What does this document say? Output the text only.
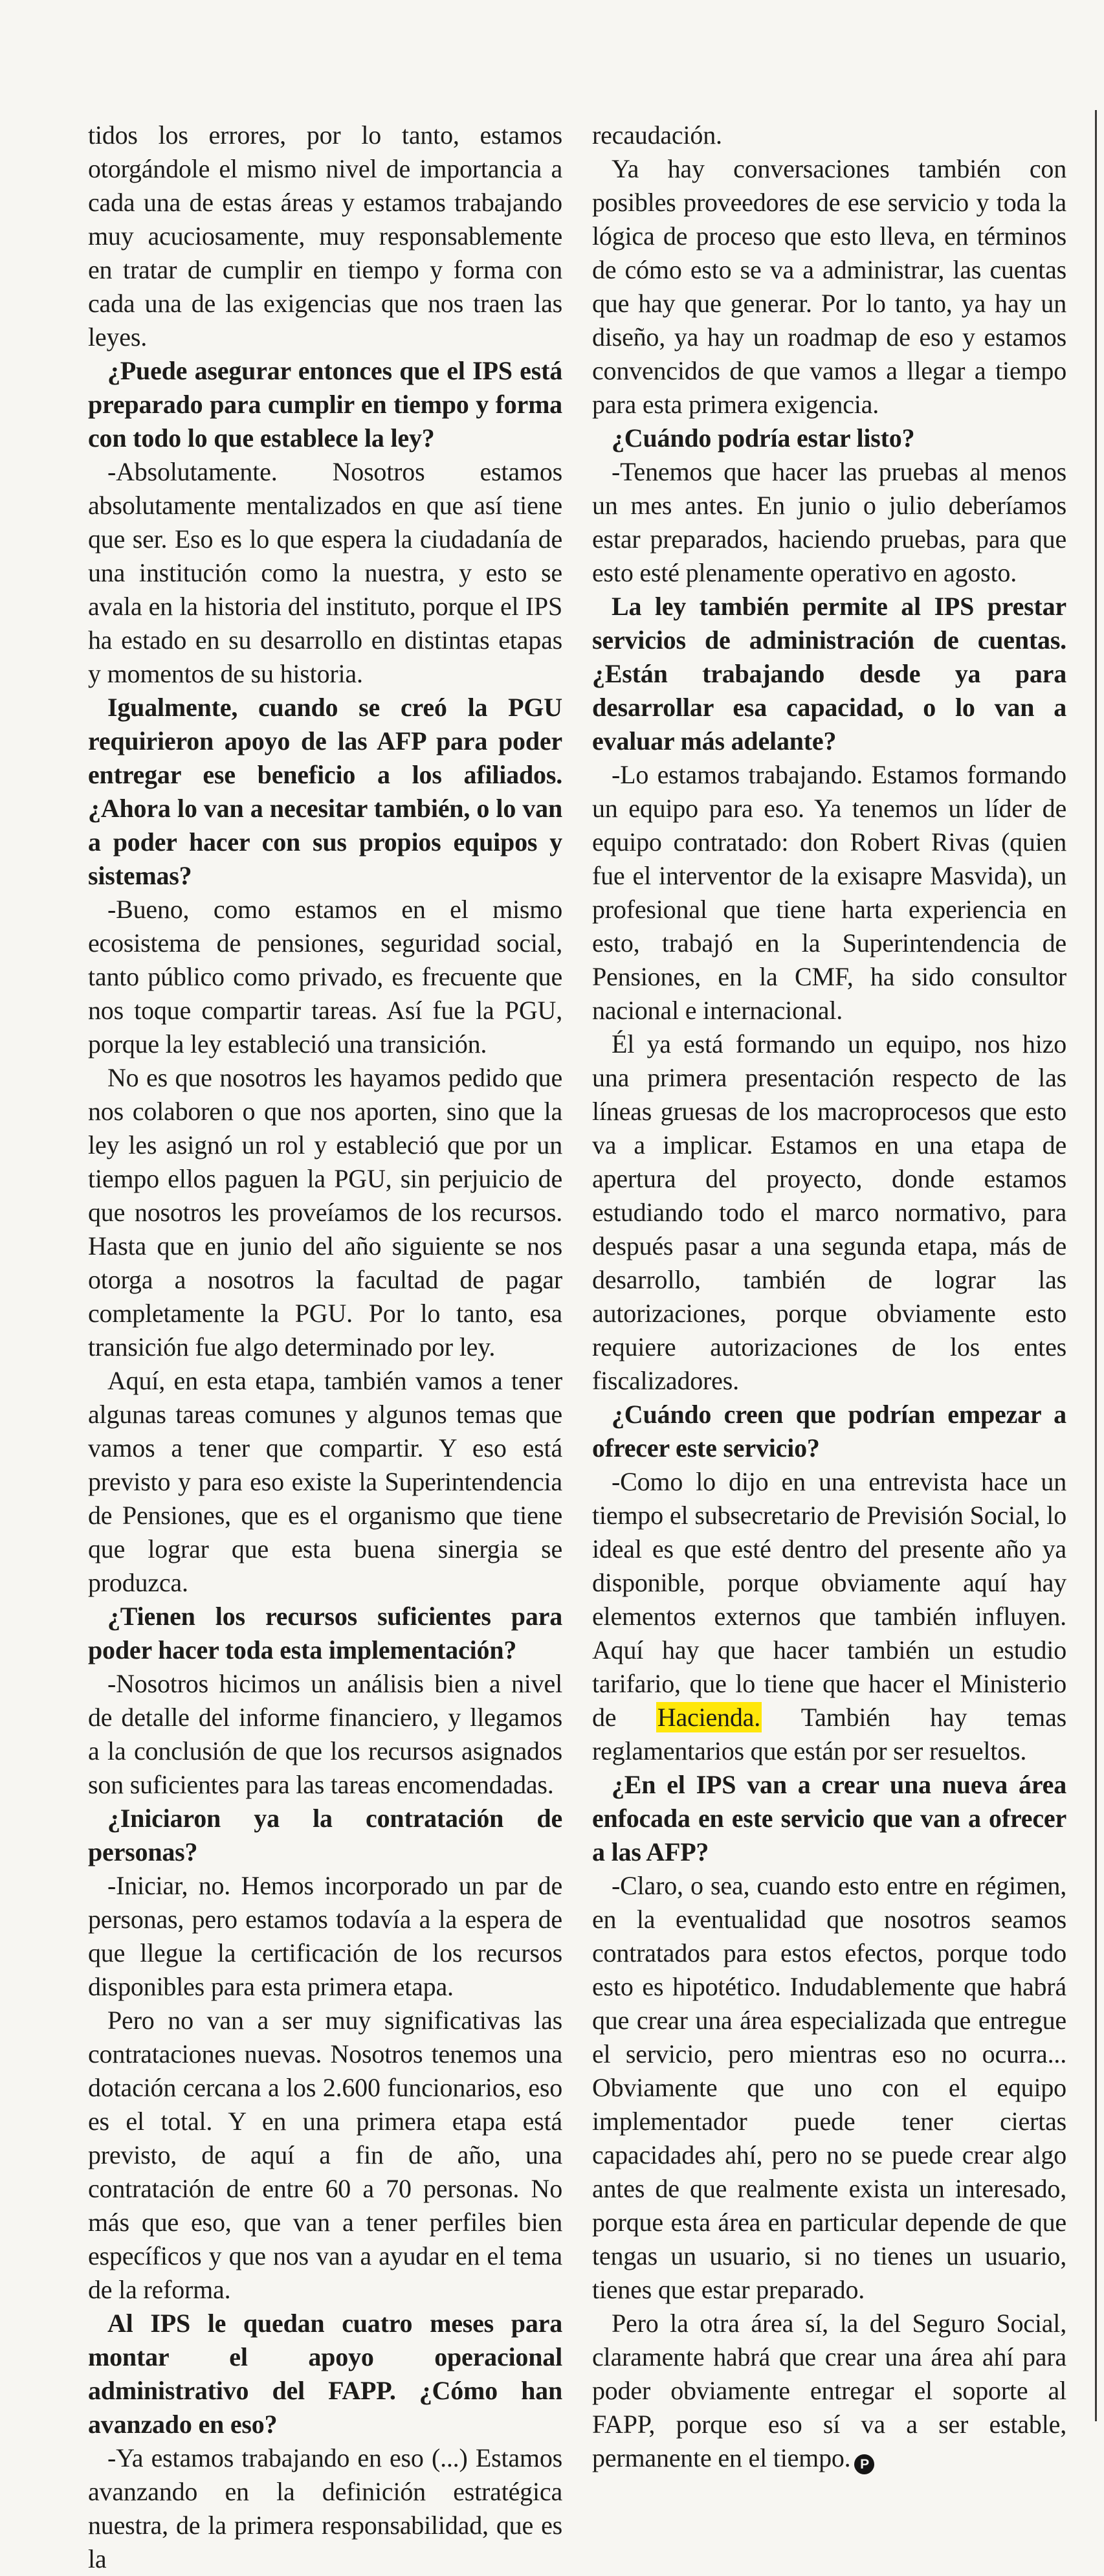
tidos los errores, por lo tanto, estamos otorgándole el mismo nivel de importancia a cada una de estas áreas y estamos trabajando muy acuciosamente, muy responsablemente en tratar de cumplir en tiempo y forma con cada una de las exigencias que nos traen las leyes.

¿Puede asegurar entonces que el IPS está preparado para cumplir en tiempo y forma con todo lo que establece la ley?

-Absolutamente. Nosotros estamos absolutamente mentalizados en que así tiene que ser. Eso es lo que espera la ciudadanía de una institución como la nuestra, y esto se avala en la historia del instituto, porque el IPS ha estado en su desarrollo en distintas etapas y momentos de su historia.

Igualmente, cuando se creó la PGU requirieron apoyo de las AFP para poder entregar ese beneficio a los afiliados. ¿Ahora lo van a necesitar también, o lo van a poder hacer con sus propios equipos y sistemas?

-Bueno, como estamos en el mismo ecosistema de pensiones, seguridad social, tanto público como privado, es frecuente que nos toque compartir tareas. Así fue la PGU, porque la ley estableció una transición.

No es que nosotros les hayamos pedido que nos colaboren o que nos aporten, sino que la ley les asignó un rol y estableció que por un tiempo ellos paguen la PGU, sin perjuicio de que nosotros les proveíamos de los recursos. Hasta que en junio del año siguiente se nos otorga a nosotros la facultad de pagar completamente la PGU. Por lo tanto, esa transición fue algo determinado por ley.

Aquí, en esta etapa, también vamos a tener algunas tareas comunes y algunos temas que vamos a tener que compartir. Y eso está previsto y para eso existe la Superintendencia de Pensiones, que es el organismo que tiene que lograr que esta buena sinergia se produzca.

¿Tienen los recursos suficientes para poder hacer toda esta implementación?

-Nosotros hicimos un análisis bien a nivel de detalle del informe financiero, y llegamos a la conclusión de que los recursos asignados son suficientes para las tareas encomendadas.

¿Iniciaron ya la contratación de personas?

-Iniciar, no. Hemos incorporado un par de personas, pero estamos todavía a la espera de que llegue la certificación de los recursos disponibles para esta primera etapa.

Pero no van a ser muy significativas las contrataciones nuevas. Nosotros tenemos una dotación cercana a los 2.600 funcionarios, eso es el total. Y en una primera etapa está previsto, de aquí a fin de año, una contratación de entre 60 a 70 personas. No más que eso, que van a tener perfiles bien específicos y que nos van a ayudar en el tema de la reforma.

Al IPS le quedan cuatro meses para montar el apoyo operacional administrativo del FAPP. ¿Cómo han avanzado en eso?

-Ya estamos trabajando en eso (...) Estamos avanzando en la definición estratégica nuestra, de la primera responsabilidad, que es la

recaudación.

Ya hay conversaciones también con posibles proveedores de ese servicio y toda la lógica de proceso que esto lleva, en términos de cómo esto se va a administrar, las cuentas que hay que generar. Por lo tanto, ya hay un diseño, ya hay un roadmap de eso y estamos convencidos de que vamos a llegar a tiempo para esta primera exigencia.

¿Cuándo podría estar listo?

-Tenemos que hacer las pruebas al menos un mes antes. En junio o julio deberíamos estar preparados, haciendo pruebas, para que esto esté plenamente operativo en agosto.

La ley también permite al IPS prestar servicios de administración de cuentas. ¿Están trabajando desde ya para desarrollar esa capacidad, o lo van a evaluar más adelante?

-Lo estamos trabajando. Estamos formando un equipo para eso. Ya tenemos un líder de equipo contratado: don Robert Rivas (quien fue el interventor de la exisapre Masvida), un profesional que tiene harta experiencia en esto, trabajó en la Superintendencia de Pensiones, en la CMF, ha sido consultor nacional e internacional.

Él ya está formando un equipo, nos hizo una primera presentación respecto de las líneas gruesas de los macroprocesos que esto va a implicar. Estamos en una etapa de apertura del proyecto, donde estamos estudiando todo el marco normativo, para después pasar a una segunda etapa, más de desarrollo, también de lograr las autorizaciones, porque obviamente esto requiere autorizaciones de los entes fiscalizadores.

¿Cuándo creen que podrían empezar a ofrecer este servicio?

-Como lo dijo en una entrevista hace un tiempo el subsecretario de Previsión Social, lo ideal es que esté dentro del presente año ya disponible, porque obviamente aquí hay elementos externos que también influyen. Aquí hay que hacer también un estudio tarifario, que lo tiene que hacer el Ministerio de Hacienda. También hay temas reglamentarios que están por ser resueltos.

¿En el IPS van a crear una nueva área enfocada en este servicio que van a ofrecer a las AFP?

-Claro, o sea, cuando esto entre en régimen, en la eventualidad que nosotros seamos contratados para estos efectos, porque todo esto es hipotético. Indudablemente que habrá que crear una área especializada que entregue el servicio, pero mientras eso no ocurra... Obviamente que uno con el equipo implementador puede tener ciertas capacidades ahí, pero no se puede crear algo antes de que realmente exista un interesado, porque esta área en particular depende de que tengas un usuario, si no tienes un usuario, tienes que estar preparado.

Pero la otra área sí, la del Seguro Social, claramente habrá que crear una área ahí para poder obviamente entregar el soporte al FAPP, porque eso sí va a ser estable, permanente en el tiempo. P
